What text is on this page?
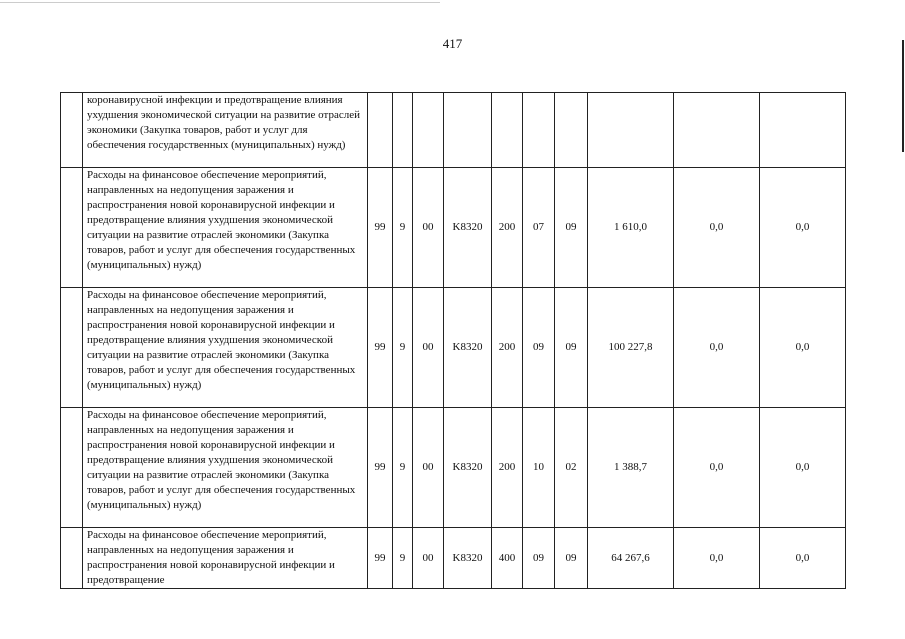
417
	коронавирусной инфекции и предотвращение влияния ухудшения экономической ситуации на развитие отраслей экономики (Закупка товаров, работ и услуг для обеспечения государственных (муниципальных) нужд)										
	Расходы на финансовое обеспечение мероприятий, направленных на недопущения заражения и распространения новой коронавирусной инфекции и предотвращение влияния ухудшения экономической ситуации на развитие отраслей экономики (Закупка товаров, работ и услуг для обеспечения государственных (муниципальных) нужд)	99	9	00	K8320	200	07	09	1 610,0	0,0	0,0
	Расходы на финансовое обеспечение мероприятий, направленных на недопущения заражения и распространения новой коронавирусной инфекции и предотвращение влияния ухудшения экономической ситуации на развитие отраслей экономики (Закупка товаров, работ и услуг для обеспечения государственных (муниципальных) нужд)	99	9	00	K8320	200	09	09	100 227,8	0,0	0,0
	Расходы на финансовое обеспечение мероприятий, направленных на недопущения заражения и распространения новой коронавирусной инфекции и предотвращение влияния ухудшения экономической ситуации на развитие отраслей экономики (Закупка товаров, работ и услуг для обеспечения государственных (муниципальных) нужд)	99	9	00	K8320	200	10	02	1 388,7	0,0	0,0
	Расходы на финансовое обеспечение мероприятий, направленных на недопущения заражения и распространения новой коронавирусной инфекции и предотвращение	99	9	00	K8320	400	09	09	64 267,6	0,0	0,0
